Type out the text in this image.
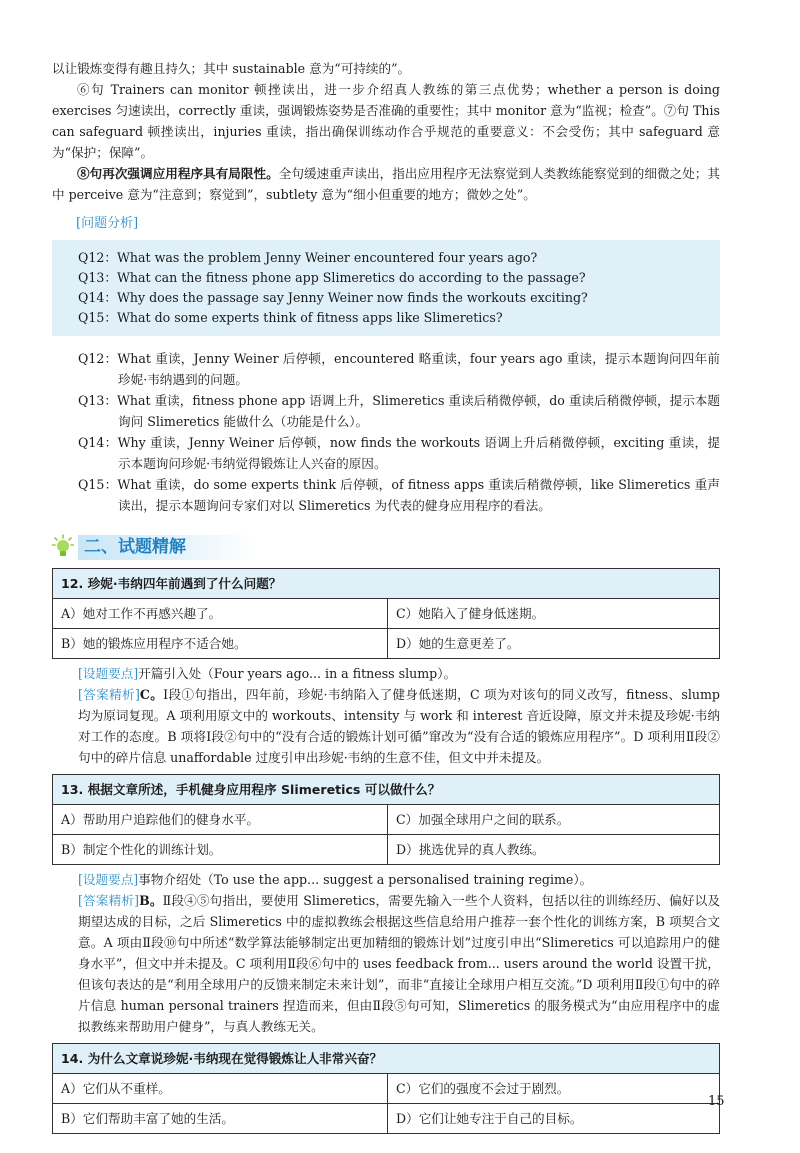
以让锻炼变得有趣且持久；其中 sustainable 意为“可持续的”。

⑥句 Trainers can monitor 顿挫读出，进一步介绍真人教练的第三点优势；whether a person is doing exercises 匀速读出，correctly 重读，强调锻炼姿势是否准确的重要性；其中 monitor 意为“监视；检查”。⑦句 This can safeguard 顿挫读出，injuries 重读，指出确保训练动作合乎规范的重要意义：不会受伤；其中 safeguard 意为“保护；保障”。

⑧句再次强调应用程序具有局限性。全句缓速重声读出，指出应用程序无法察觉到人类教练能察觉到的细微之处；其中 perceive 意为“注意到；察觉到”，subtlety 意为“细小但重要的地方；微妙之处”。

[问题分析]

Q12：What was the problem Jenny Weiner encountered four years ago?

Q13：What can the fitness phone app Slimeretics do according to the passage?

Q14：Why does the passage say Jenny Weiner now finds the workouts exciting?

Q15：What do some experts think of fitness apps like Slimeretics?

Q12：What 重读，Jenny Weiner 后停顿，encountered 略重读，four years ago 重读，提示本题询问四年前珍妮·韦纳遇到的问题。

Q13：What 重读，fitness phone app 语调上升，Slimeretics 重读后稍微停顿，do 重读后稍微停顿，提示本题询问 Slimeretics 能做什么（功能是什么）。

Q14：Why 重读，Jenny Weiner 后停顿，now finds the workouts 语调上升后稍微停顿，exciting 重读，提示本题询问珍妮·韦纳觉得锻炼让人兴奋的原因。

Q15：What 重读，do some experts think 后停顿，of fitness apps 重读后稍微停顿，like Slimeretics 重声读出，提示本题询问专家们对以 Slimeretics 为代表的健身应用程序的看法。

二、试题精解
12. 珍妮·韦纳四年前遇到了什么问题？	
A）她对工作不再感兴趣了。	C）她陷入了健身低迷期。
B）她的锻炼应用程序不适合她。	D）她的生意更差了。

[设题要点]开篇引入处（Four years ago... in a fitness slump）。

[答案精析]C。Ⅰ段①句指出，四年前，珍妮·韦纳陷入了健身低迷期，C 项为对该句的同义改写，fitness、slump 均为原词复现。A 项利用原文中的 workouts、intensity 与 work 和 interest 音近设障，原文并未提及珍妮·韦纳对工作的态度。B 项将Ⅰ段②句中的“没有合适的锻炼计划可循”窜改为“没有合适的锻炼应用程序”。D 项利用Ⅱ段②句中的碎片信息 unaffordable 过度引申出珍妮·韦纳的生意不佳，但文中并未提及。

13. 根据文章所述，手机健身应用程序 Slimeretics 可以做什么？	
A）帮助用户追踪他们的健身水平。	C）加强全球用户之间的联系。
B）制定个性化的训练计划。	D）挑选优异的真人教练。

[设题要点]事物介绍处（To use the app... suggest a personalised training regime）。

[答案精析]B。Ⅱ段④⑤句指出，要使用 Slimeretics，需要先输入一些个人资料，包括以往的训练经历、偏好以及期望达成的目标，之后 Slimeretics 中的虚拟教练会根据这些信息给用户推荐一套个性化的训练方案，B 项契合文意。A 项由Ⅱ段⑩句中所述“数学算法能够制定出更加精细的锻炼计划”过度引申出“Slimeretics 可以追踪用户的健身水平”，但文中并未提及。C 项利用Ⅱ段⑥句中的 uses feedback from... users around the world 设置干扰，但该句表达的是“利用全球用户的反馈来制定未来计划”，而非“直接让全球用户相互交流。”D 项利用Ⅱ段①句中的碎片信息 human personal trainers 捏造而来，但由Ⅱ段⑤句可知，Slimeretics 的服务模式为“由应用程序中的虚拟教练来帮助用户健身”，与真人教练无关。

14. 为什么文章说珍妮·韦纳现在觉得锻炼让人非常兴奋？	
A）它们从不重样。	C）它们的强度不会过于剧烈。
B）它们帮助丰富了她的生活。	D）它们让她专注于自己的目标。
15
